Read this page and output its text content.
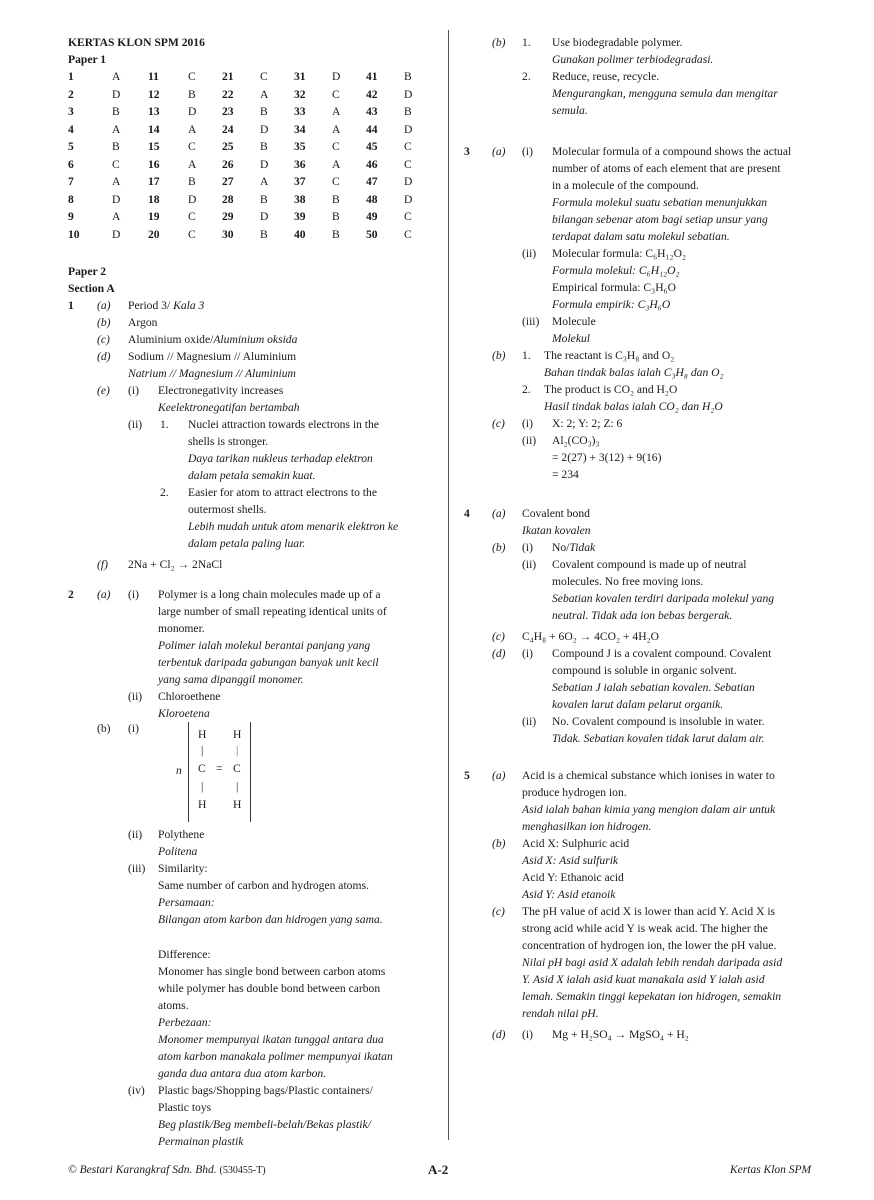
KERTAS KLON SPM 2016
Paper 1
1	A	11	C	21	C	31	D	41	B
2	D	12	B	22	A	32	C	42	D
3	B	13	D	23	B	33	A	43	B
4	A	14	A	24	D	34	A	44	D
5	B	15	C	25	B	35	C	45	C
6	C	16	A	26	D	36	A	46	C
7	A	17	B	27	A	37	C	47	D
8	D	18	D	28	B	38	B	48	D
9	A	19	C	29	D	39	B	49	C
10	D	20	C	30	B	40	B	50	C
Paper 2
Section A
1 (a) Period 3/ Kala 3
(b) Argon
(c) Aluminium oxide/Aluminium oksida
(d) Sodium // Magnesium // Aluminium
Natrium // Magnesium // Aluminium
(e) (i) Electronegativity increases
Keelektronegatifan bertambah
(ii) 1. Nuclei attraction towards electrons in the
shells is stronger.
Daya tarikan nukleus terhadap elektron
dalam petala semakin kuat.
2. Easier for atom to attract electrons to the
outermost shells.
Lebih mudah untuk atom menarik elektron ke
dalam petala paling luar.
(f) 2Na + Cl₂ → 2NaCl
2 (a) (i) Polymer is a long chain molecules made up of a
large number of small repeating identical units of
monomer.
Polimer ialah molekul berantai panjang yang
terbentuk daripada gabungan banyak unit kecil
yang sama dipanggil monomer.
(ii) Chloroethene
Kloroetena
(b) (i)
n
H H
|	|
C = C
|	|
H H
(ii) Polythene
Politena
(iii) Similarity:
Same number of carbon and hydrogen atoms.
Persamaan:
Bilangan atom karbon dan hidrogen yang sama.
Difference:
Monomer has single bond between carbon atoms
while polymer has double bond between carbon
atoms.
Perbezaan:
Monomer mempunyai ikatan tunggal antara dua
atom karbon manakala polimer mempunyai ikatan
ganda dua antara dua atom karbon.
(iv) Plastic bags/Shopping bags/Plastic containers/
Plastic toys
Beg plastik/Beg membeli-belah/Bekas plastik/
Permainan plastik
(b) 1. Use biodegradable polymer.
Gunakan polimer terbiodegradasi.
2. Reduce, reuse, recycle.
Mengurangkan, mengguna semula dan mengitar
semula.
3 (a) (i) Molecular formula of a compound shows the actual
number of atoms of each element that are present
in a molecule of the compound.
Formula molekul suatu sebatian menunjukkan
bilangan sebenar atom bagi setiap unsur yang
terdapat dalam satu molekul sebatian.
(ii) Molecular formula: C₆H₁₂O₂
Formula molekul: C₆H₁₂O₂
Empirical formula: C₃H₆O
Formula empirik: C₃H₆O
(iii) Molecule
Molekul
(b) 1. The reactant is C₃H₈ and O₂
Bahan tindak balas ialah C₃H₈ dan O₂
2. The product is CO₂ and H₂O
Hasil tindak balas ialah CO₂ dan H₂O
(c) (i) X: 2; Y: 2; Z: 6
(ii) Al₂(CO₃)₃
= 2(27) + 3(12) + 9(16)
= 234
4 (a) Covalent bond
Ikatan kovalen
(b) (i) No/Tidak
(ii) Covalent compound is made up of neutral
molecules. No free moving ions.
Sebatian kovalen terdiri daripada molekul yang
neutral. Tidak ada ion bebas bergerak.
(c) C₄H₈ + 6O₂ → 4CO₂ + 4H₂O
(d) (i) Compound J is a covalent compound. Covalent
compound is soluble in organic solvent.
Sebatian J ialah sebatian kovalen. Sebatian
kovalen larut dalam pelarut organik.
(ii) No. Covalent compound is insoluble in water.
Tidak. Sebatian kovalen tidak larut dalam air.
5 (a) Acid is a chemical substance which ionises in water to
produce hydrogen ion.
Asid ialah bahan kimia yang mengion dalam air untuk
menghasilkan ion hidrogen.
(b) Acid X: Sulphuric acid
Asid X: Asid sulfurik
Acid Y: Ethanoic acid
Asid Y: Asid etanoik
(c) The pH value of acid X is lower than acid Y. Acid X is
strong acid while acid Y is weak acid. The higher the
concentration of hydrogen ion, the lower the pH value.
Nilai pH bagi asid X adalah lebih rendah daripada asid
Y. Asid X ialah asid kuat manakala asid Y ialah asid
lemah. Semakin tinggi kepekatan ion hidrogen, semakin
rendah nilai pH.
(d) (i) Mg + H₂SO₄ → MgSO₄ + H₂
© Bestari Karangkraf Sdn. Bhd. (530455-T)	A-2	Kertas Klon SPM
